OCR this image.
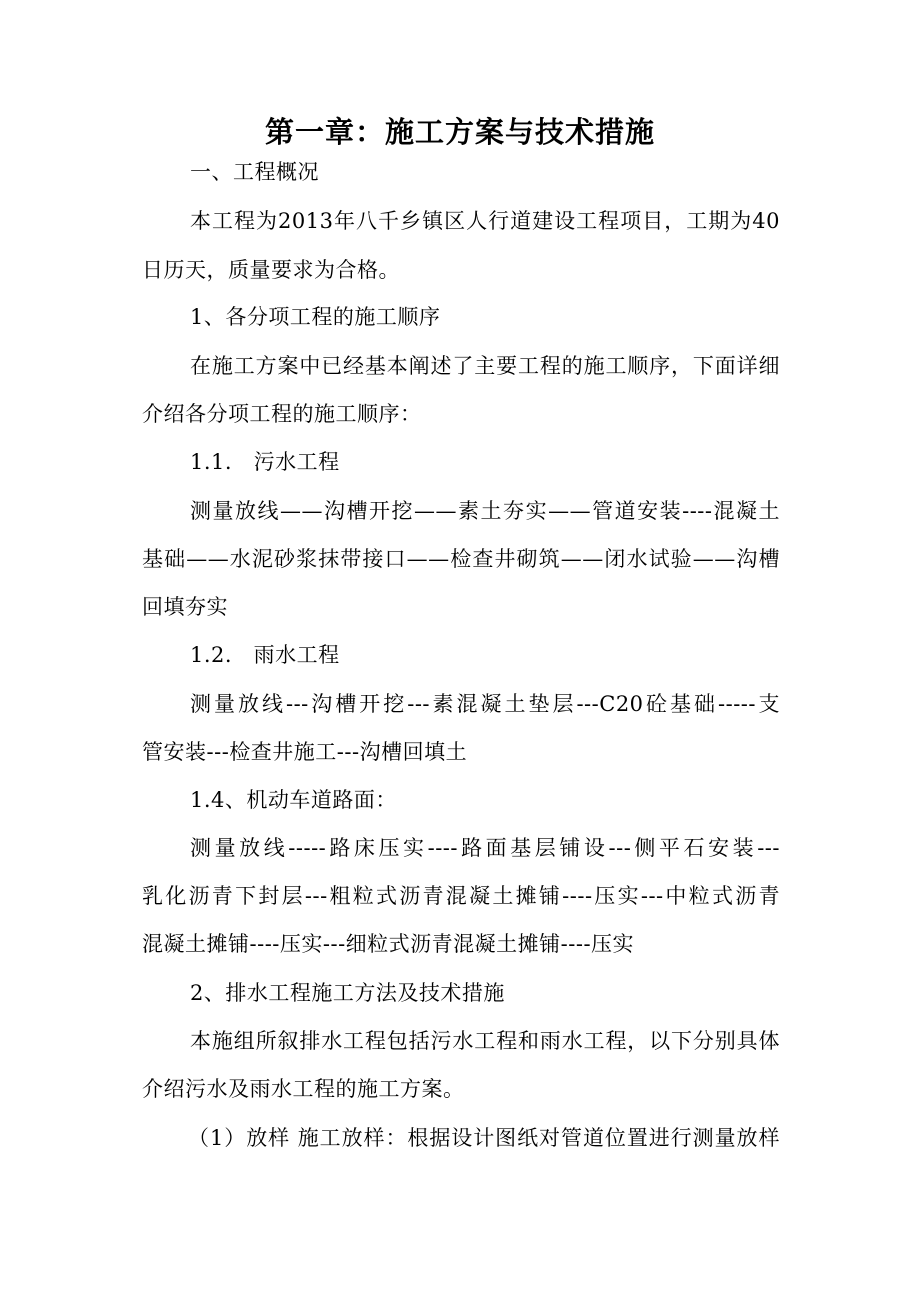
第一章：施工方案与技术措施
一、工程概况
本工程为2013年八千乡镇区人行道建设工程项目，工期为40
日历天，质量要求为合格。
1、各分项工程的施工顺序
在施工方案中已经基本阐述了主要工程的施工顺序，下面详细
介绍各分项工程的施工顺序：
1.1.　污水工程
测量放线——沟槽开挖——素土夯实——管道安装----混凝土
基础——水泥砂浆抹带接口——检查井砌筑——闭水试验——沟槽
回填夯实
1.2.　雨水工程
测量放线---沟槽开挖---素混凝土垫层---C20砼基础-----支
管安装---检查井施工---沟槽回填土
1.4、机动车道路面：
测量放线-----路床压实----路面基层铺设---侧平石安装---
乳化沥青下封层---粗粒式沥青混凝土摊铺----压实---中粒式沥青
混凝土摊铺----压实---细粒式沥青混凝土摊铺----压实
2、排水工程施工方法及技术措施
本施组所叙排水工程包括污水工程和雨水工程，以下分别具体
介绍污水及雨水工程的施工方案。
（1）放样 施工放样：根据设计图纸对管道位置进行测量放样
